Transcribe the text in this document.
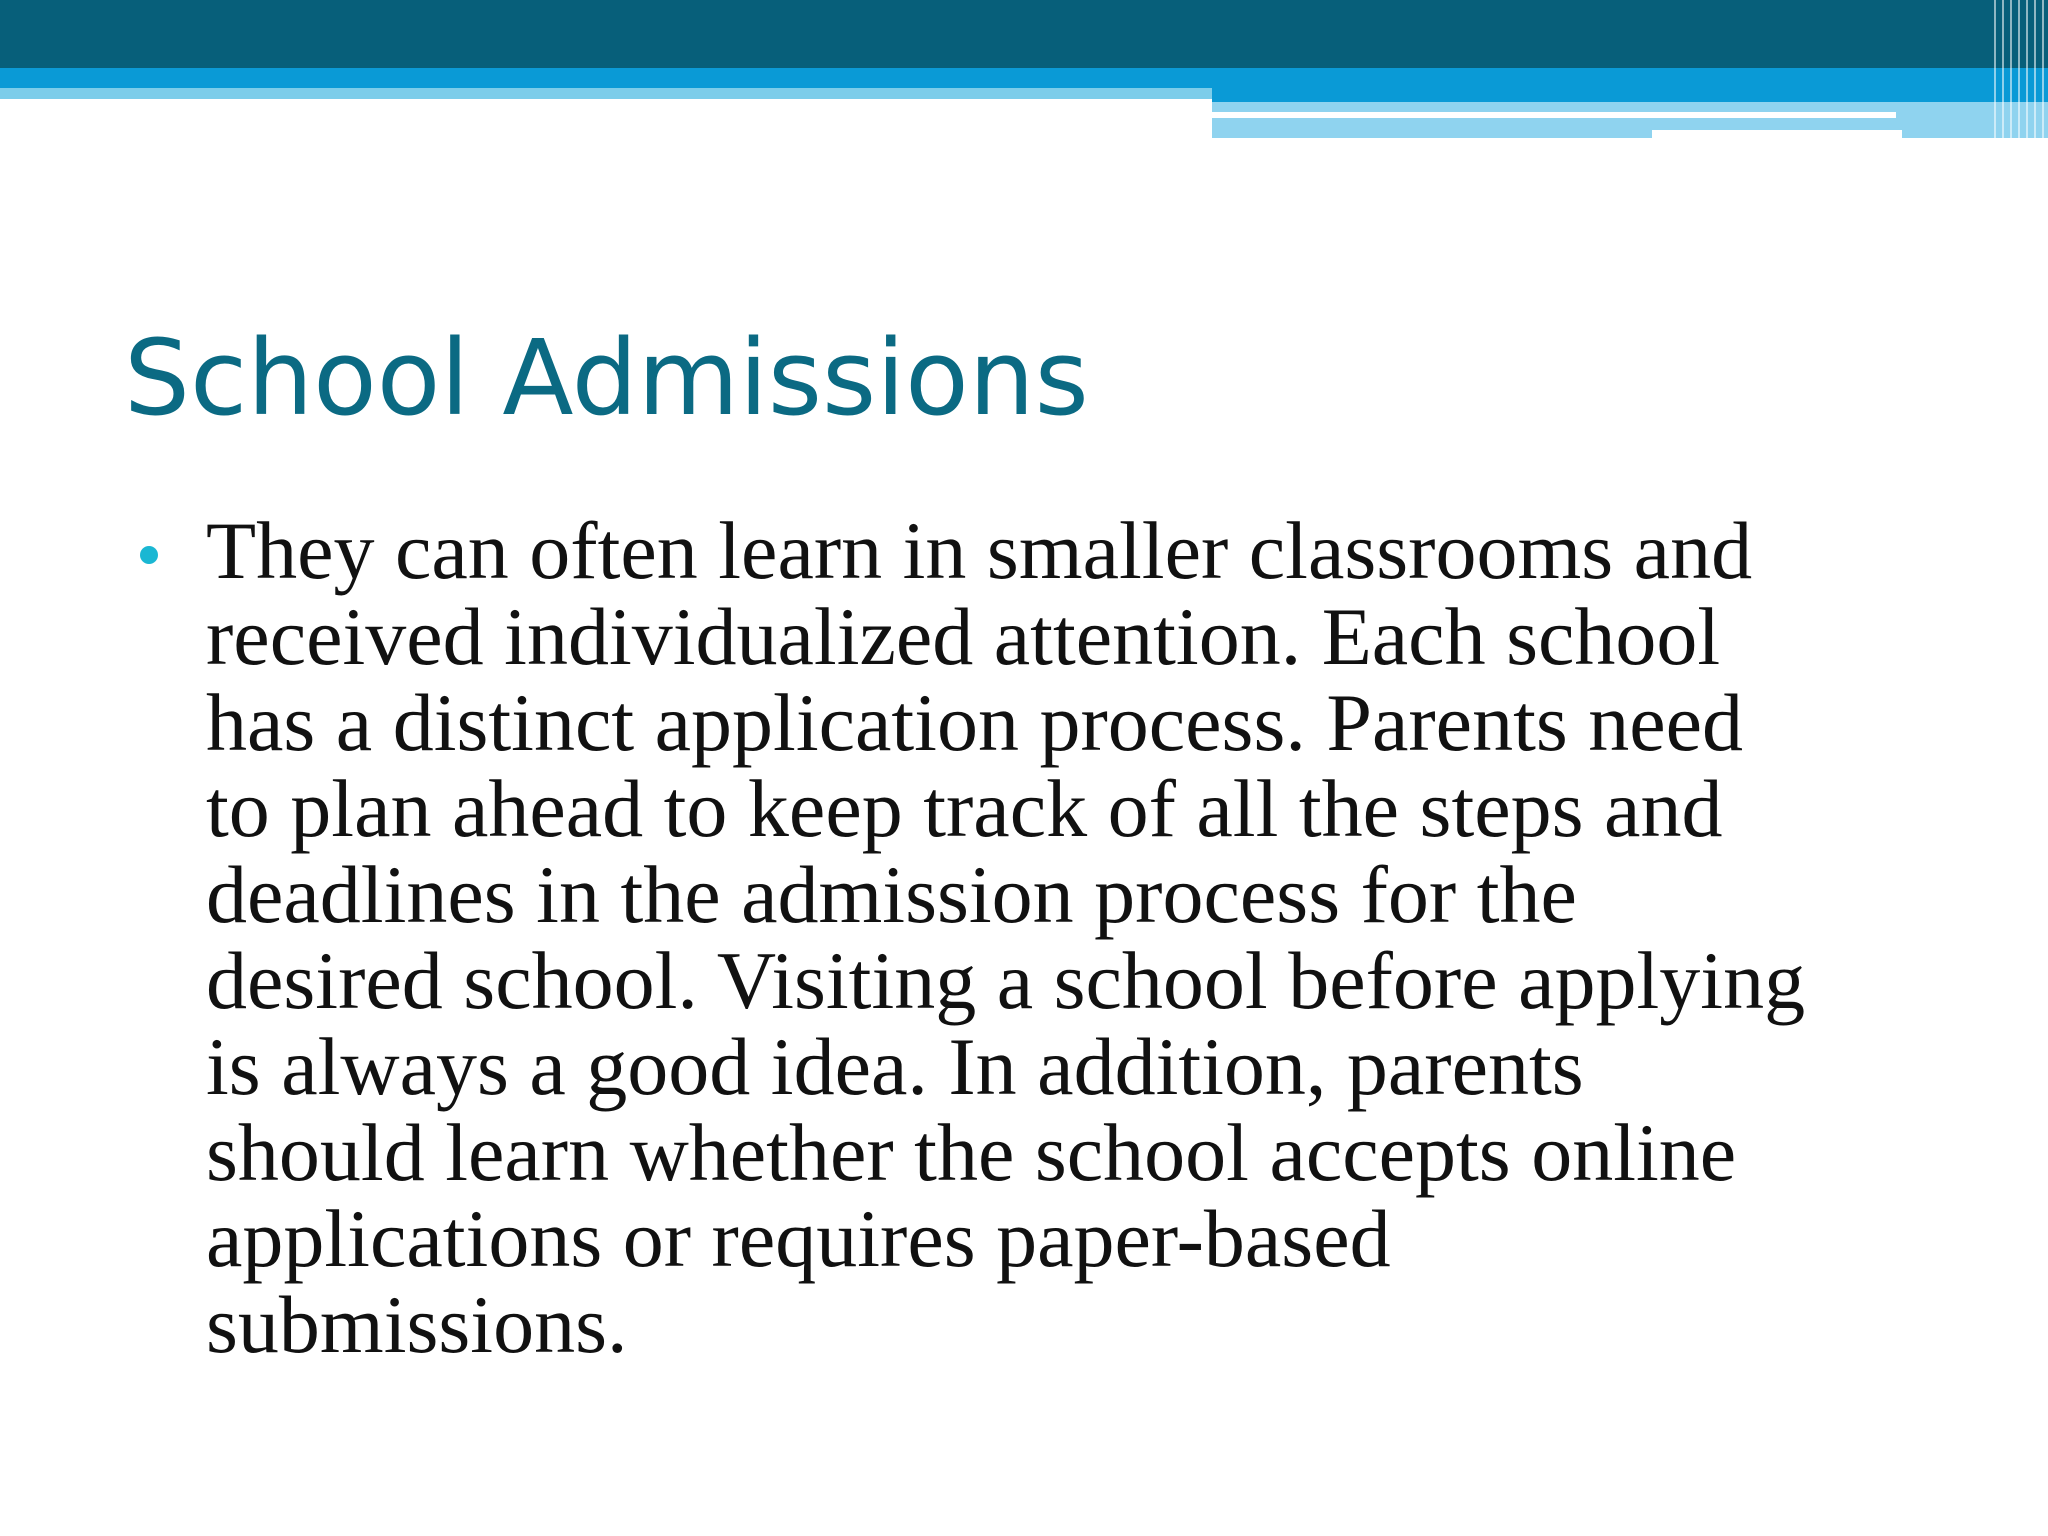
School Admissions
They can often learn in smaller classrooms and
received individualized attention. Each school
has a distinct application process. Parents need
to plan ahead to keep track of all the steps and
deadlines in the admission process for the
desired school. Visiting a school before applying
is always a good idea. In addition, parents
should learn whether the school accepts online
applications or requires paper-based
submissions.
